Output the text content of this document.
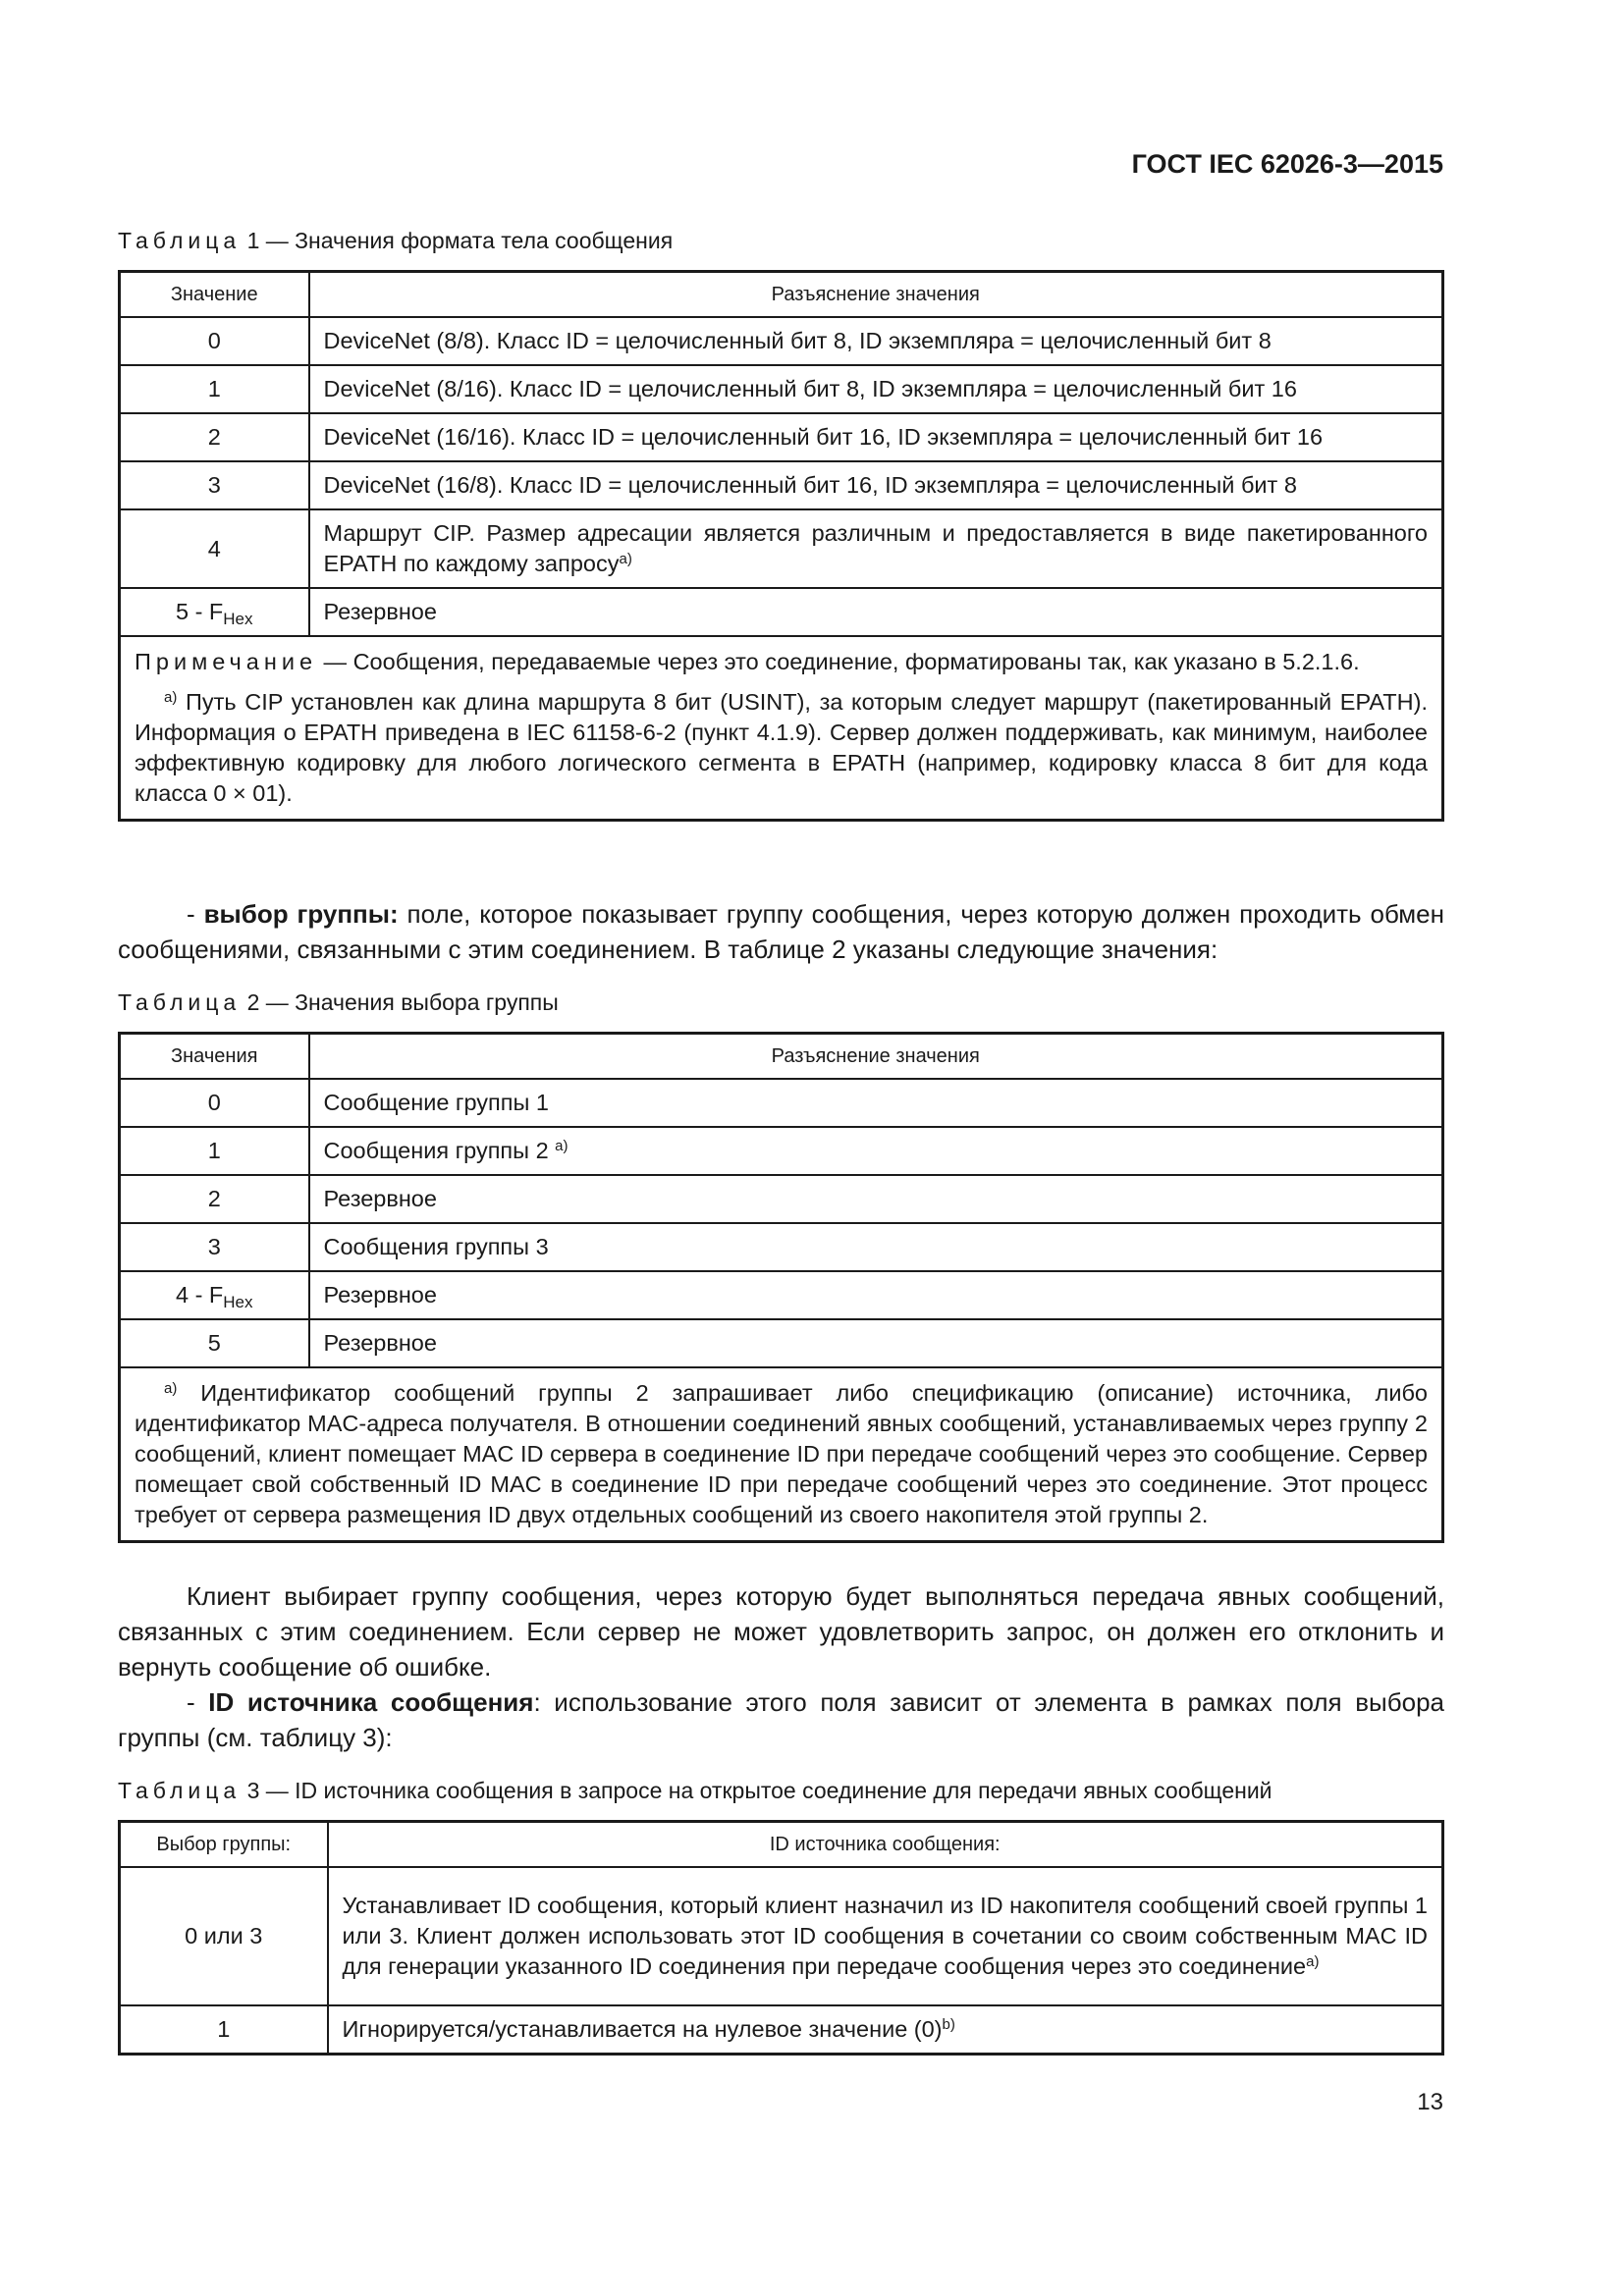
ГОСТ IEC 62026-3—2015
Таблица 1 — Значения формата тела сообщения
Значение	Разъяснение значения
0	DeviceNet (8/8). Класс ID = целочисленный бит 8, ID экземпляра = целочисленный бит 8
1	DeviceNet (8/16). Класс ID = целочисленный бит 8, ID экземпляра = целочисленный бит 16
2	DeviceNet (16/16). Класс ID = целочисленный бит 16, ID экземпляра = целочисленный бит 16
3	DeviceNet (16/8). Класс ID = целочисленный бит 16, ID экземпляра = целочисленный бит 8
4	Маршрут CIP. Размер адресации является различным и предоставляется в виде пакетированного EPATH по каждому запросу$^{a)}$
$5 - F_{Hex}$	Резервное

Примечание — Сообщения, передаваемые через это соединение, форматированы так, как указано в 5.2.1.6.

$^{a)}$ Путь CIP установлен как длина маршрута 8 бит (USINT), за которым следует маршрут (пакетированный EPATH). Информация о EPATH приведена в IEC 61158-6-2 (пункт 4.1.9). Сервер должен поддерживать, как минимум, наиболее эффективную кодировку для любого логического сегмента в EPATH (например, кодировку класса 8 бит для кода класса 0 × 01).	

- выбор группы: поле, которое показывает группу сообщения, через которую должен проходить обмен сообщениями, связанными с этим соединением. В таблице 2 указаны следующие значения:

Таблица 2 — Значения выбора группы
Значения	Разъяснение значения
0	Сообщение группы 1
1	Сообщения группы 2 $^{a)}$
2	Резервное
3	Сообщения группы 3
$4 - F_{Hex}$	Резервное
5	Резервное

$^{a)}$ Идентификатор сообщений группы 2 запрашивает либо спецификацию (описание) источника, либо идентификатор MAC-адреса получателя. В отношении соединений явных сообщений, устанавливаемых через группу 2 сообщений, клиент помещает MAC ID сервера в соединение ID при передаче сообщений через это сообщение. Сервер помещает свой собственный ID MAC в соединение ID при передаче сообщений через это соединение. Этот процесс требует от сервера размещения ID двух отдельных сообщений из своего накопителя этой группы 2.	

Клиент выбирает группу сообщения, через которую будет выполняться передача явных сообщений, связанных с этим соединением. Если сервер не может удовлетворить запрос, он должен его отклонить и вернуть сообщение об ошибке.

- ID источника сообщения: использование этого поля зависит от элемента в рамках поля выбора группы (см. таблицу 3):

Таблица 3 — ID источника сообщения в запросе на открытое соединение для передачи явных сообщений
Выбор группы:	ID источника сообщения:
0 или 3	Устанавливает ID сообщения, который клиент назначил из ID накопителя сообщений своей группы 1 или 3. Клиент должен использовать этот ID сообщения в сочетании со своим собственным MAC ID для генерации указанного ID соединения при передаче сообщения через это соединение$^{a)}$
1	Игнорируется/устанавливается на нулевое значение $(0)^{b)}$
13
